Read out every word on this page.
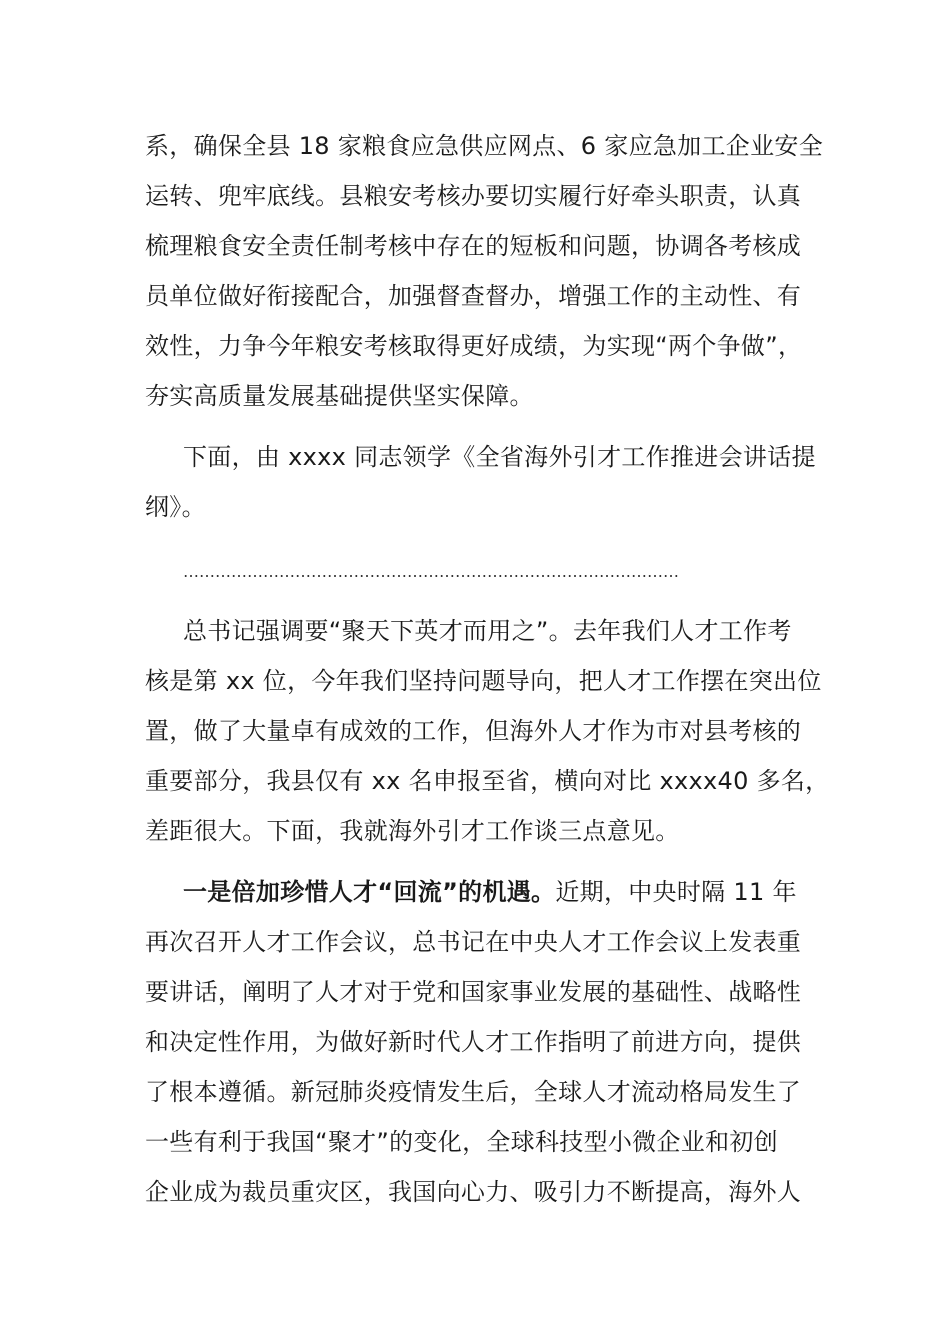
系，确保全县 18 家粮食应急供应网点、6 家应急加工企业安全
运转、兜牢底线。县粮安考核办要切实履行好牵头职责，认真
梳理粮食安全责任制考核中存在的短板和问题，协调各考核成
员单位做好衔接配合，加强督查督办，增强工作的主动性、有
效性，力争今年粮安考核取得更好成绩，为实现“两个争做”，
夯实高质量发展基础提供坚实保障。
下面，由 xxxx 同志领学《全省海外引才工作推进会讲话提
纲》。
…………………………………………………………………………………
总书记强调要“聚天下英才而用之”。去年我们人才工作考
核是第 xx 位，今年我们坚持问题导向，把人才工作摆在突出位
置，做了大量卓有成效的工作，但海外人才作为市对县考核的
重要部分，我县仅有 xx 名申报至省，横向对比 xxxx40 多名，
差距很大。下面，我就海外引才工作谈三点意见。
一是倍加珍惜人才“回流”的机遇。近期，中央时隔 11 年
再次召开人才工作会议，总书记在中央人才工作会议上发表重
要讲话，阐明了人才对于党和国家事业发展的基础性、战略性
和决定性作用，为做好新时代人才工作指明了前进方向，提供
了根本遵循。新冠肺炎疫情发生后，全球人才流动格局发生了
一些有利于我国“聚才”的变化，全球科技型小微企业和初创
企业成为裁员重灾区，我国向心力、吸引力不断提高，海外人
